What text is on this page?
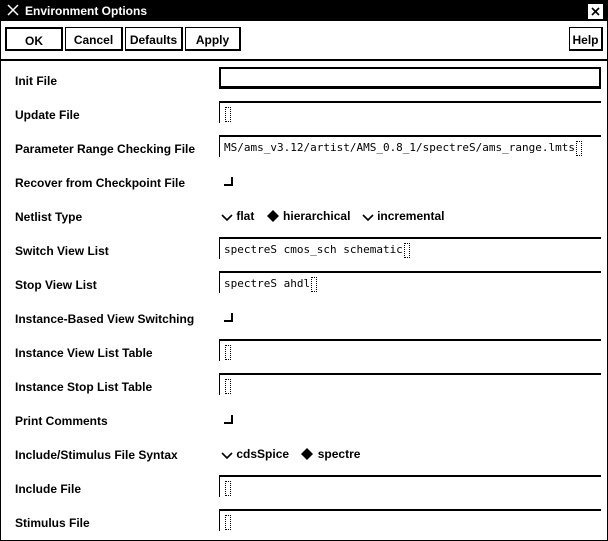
Environment Options
OK	Cancel	Defaults	Apply	Help
Init File
Update File
Parameter Range Checking File	MS/ams_v3.12/artist/AMS_0.8_1/spectreS/ams_range.lmts
Recover from Checkpoint File
Netlist Type	flat hierarchical incremental
Switch View List	spectreS cmos_sch schematic
Stop View List	spectreS ahdl
Instance-Based View Switching
Instance View List Table
Instance Stop List Table
Print Comments
Include/Stimulus File Syntax	cdsSpice spectre
Include File
Stimulus File
